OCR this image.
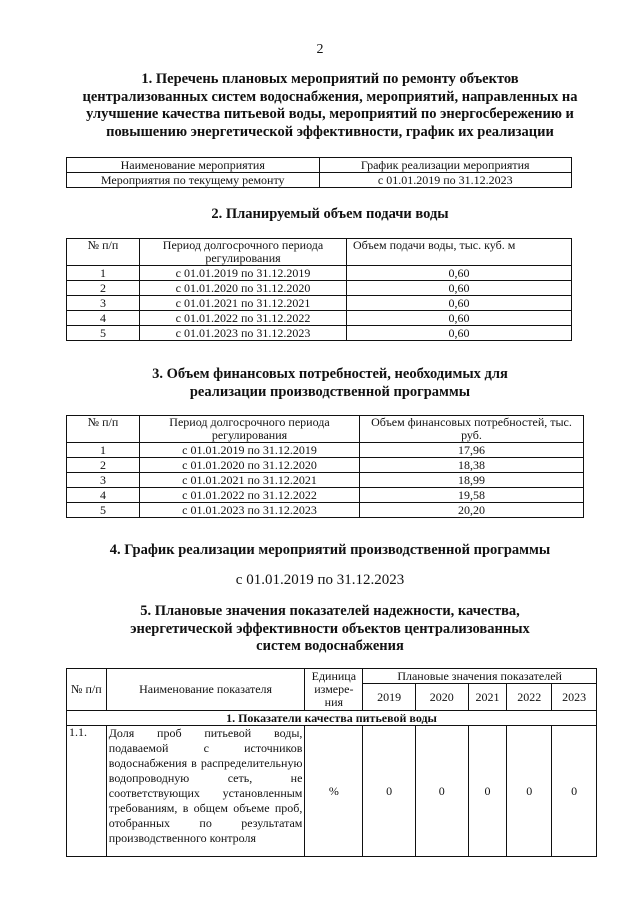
2
1. Перечень плановых мероприятий по ремонту объектов
централизованных систем водоснабжения, мероприятий, направленных на
улучшение качества питьевой воды, мероприятий по энергосбережению и
повышению энергетической эффективности, график их реализации
Наименование мероприятия	График реализации мероприятия
Мероприятия по текущему ремонту	с 01.01.2019 по 31.12.2023
2. Планируемый объем подачи воды
№ п/п	Период долгосрочного периода регулирования	Объем подачи воды, тыс. куб. м
1	с 01.01.2019 по 31.12.2019	0,60
2	с 01.01.2020 по 31.12.2020	0,60
3	с 01.01.2021 по 31.12.2021	0,60
4	с 01.01.2022 по 31.12.2022	0,60
5	с 01.01.2023 по 31.12.2023	0,60
3. Объем финансовых потребностей, необходимых для
реализации производственной программы
№ п/п	Период долгосрочного периода регулирования	Объем финансовых потребностей, тыс. руб.
1	с 01.01.2019 по 31.12.2019	17,96
2	с 01.01.2020 по 31.12.2020	18,38
3	с 01.01.2021 по 31.12.2021	18,99
4	с 01.01.2022 по 31.12.2022	19,58
5	с 01.01.2023 по 31.12.2023	20,20
4. График реализации мероприятий производственной программы
с 01.01.2019 по 31.12.2023
5. Плановые значения показателей надежности, качества,
энергетической эффективности объектов централизованных
систем водоснабжения
№ п/п	Наименование показателя	Единица измере-ния	Плановые значения показателей				
			2019	2020	2021	2022	2023
1. Показатели качества питьевой воды							
1.1.	Доля проб питьевой воды, подаваемой с источников водоснабжения в распределительную водопроводную сеть, не соответствующих установленным требованиям, в общем объеме проб, отобранных по результатам производственного контроля	%	0	0	0	0	0
